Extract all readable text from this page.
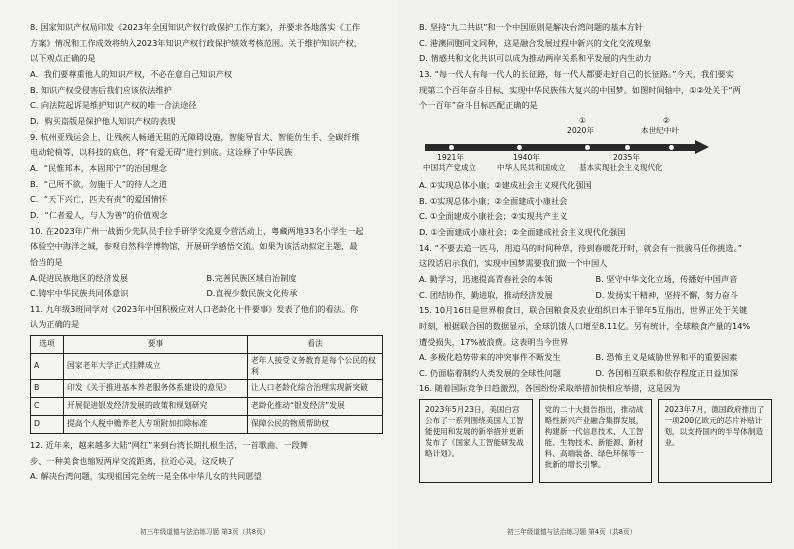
8. 国家知识产权局印发《2023年全国知识产权行政保护工作方案》，并要求各地落实《工作

方案》情况和工作成效将纳入2023年知识产权行政保护绩效考核范围。关于维护知识产权，

以下观点正确的是

A．我们要尊重他人的知识产权，不必在意自己知识产权
B. 知识产权受侵害后我们应该依法维护
C. 向法院起诉是维护知识产权的唯一合法途径
D．购买盗版是保护他人知识产权的表现

9. 杭州亚残运会上，让残疾人畅通无阻的无障碍设施，智能导盲犬、智能仿生手、全碳纤维

电动轮椅等，以科技的底色，将“有爱无碍”进行到底。这诠释了中华民族

A．“民惟邦本，本固邦宁”的治国理念
B．“己所不欲，勿施于人”的待人之道
C．“天下兴亡，匹夫有责”的爱国情怀
D．“仁者爱人，与人为善”的价值观念

10. 在2023年广州一战衙少先队员手拉手研学交流夏令营活动上，粤藏两地33名小学生一起

体验空中海洋之城，参观自然科学博物馆，开展研学感悟交流。如果为该活动拟定主题，最

恰当的是

A.促进民族地区的经济发展	B.完善民族区域自治制度
C.铸牢中华民族共同体意识	D.直视少数民族文化传承

11. 九年级3班同学对《2023年中国积极应对人口老龄化十件要事》发表了他们的看法。你

认为正确的是

选项	要事	看法
A	国家老年大学正式挂牌成立	老年人接受义务教育是每个公民的权利
B	印发《关于推进基本养老服务体系建设的意见》	让人口老龄化综合治理实现新突破
C	开展促进银发经济发展的政策和规划研究	老龄化推动“银发经济”发展
D	提高个人税中赡养老人专项附加扣除标准	保障公民的物质帮助权

12. 近年来，越来越多大陆“网红”来到台湾长期扎根生活，一首歌曲、一段舞

步、一种美食也缩短两岸交流距离，拉近心灵，这反映了

A. 解决台湾问题，实现祖国完全统一是全体中华儿女的共同愿望
初三年级道德与法治练习题 第3页（共8页）
B. 坚持“九二共识”和一个中国原则是解决台湾问题的基本方针
C. 港澳同胞同文同种，这是融合发展过程中新兴的文化交流现象
D. 情感共和文化共识可以成为推动两岸关系和平发展的内生动力

13. “每一代人有每一代人的长征路，每一代人都要走好自己的长征路。”今天，我们要实

现第二个百年奋斗目标、实现中华民族伟大复兴的中国梦。如图时间轴中，①②处关于“两

个一百年”奋斗目标匹配正确的是

①
2020年
②
本世纪中叶
1921年
中国共产党成立
1940年
中华人民共和国成立
2035年
基本实现社会主义现代化
A. ①实现总体小康；②建成社会主义现代化强国
B. ①实现总体小康；②全面建成小康社会
C. ①全面建成小康社会；②实现共产主义
D. ①全面建成小康社会；②全面建成社会主义现代化强国

14. “不要去追一匹马，用追马的时间种草，待到春暖花开时，就会有一批骏马任你挑选。”

这段话启示我们，实现中国梦需要我们做一个中国人

A. 勤学习，迅速提高青春社会的本领	B. 坚守中华文化立场，传播好中国声音
C. 团结协作，勤进取，推动经济发展	D. 发扬实干精神，坚持不懈，努力奋斗

15. 10月16日是世界粮食日，联合国粮食及农业组织日本于罪年5互指出，世界正处于关键

时刻，根据联合国的数据显示，全球饥饿人口增至8.11亿。另有统计，全球粮食产量的14%

遭受损失，17%被浪费。这表明当今世界

A. 多极化趋势带来的冲突事件不断发生	B. 恐怖主义是威胁世界和平的重要因素
C. 仍面临着制约人类发展的全球性问题	D. 各国相互联系和依存程度正日益加深

16. 随着国际竞争日趋激烈，各国纷纷采取举措加快相应举措，这是因为

2023年5月23日，美国白宫公布了一系列围绕美国人工智能使用和发展的新举措并更新发布了《国家人工智能研发战略计划》。
党的二十大报告指出，推动战略性新兴产业融合集群发展，构建新一代信息技术、人工智能、生物技术、新能源、新材料、高端装备、绿色环保等一批新的增长引擎。
2023年7月，德国政府推出了一项200亿欧元的芯片补贴计划，以支持国内的半导体制造业。
初三年级道德与法治练习题 第4页（共8页）
